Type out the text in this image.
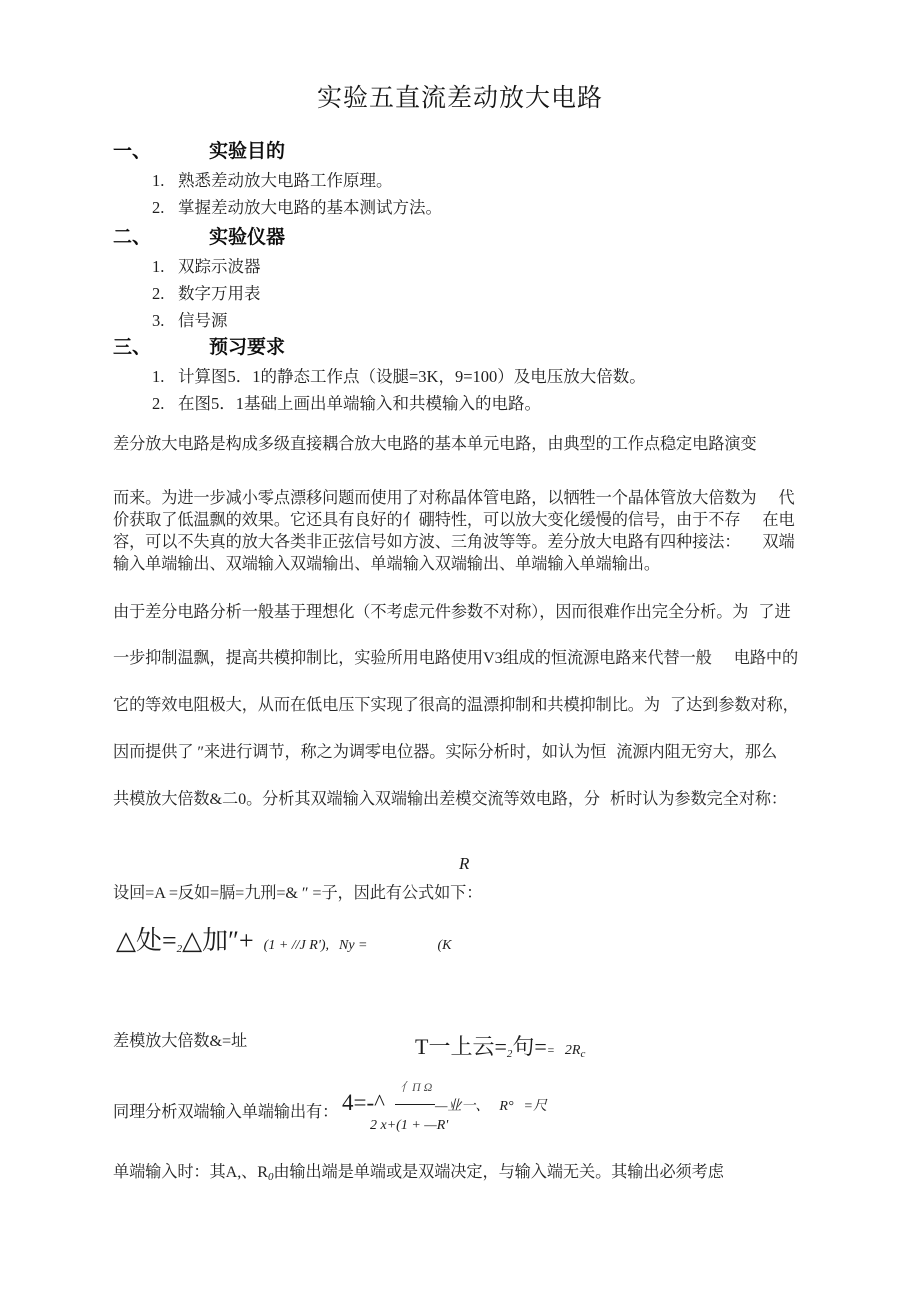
实验五直流差动放大电路
一、	实验目的
1. 熟悉差动放大电路工作原理。
2. 掌握差动放大电路的基本测试方法。
二、	实验仪器
1. 双踪示波器
2. 数字万用表
3. 信号源
三、	预习要求
1. 计算图5．1的静态工作点（设腿=3K，9=100）及电压放大倍数。
2. 在图5．1基础上画出单端输入和共模输入的电路。
差分放大电路是构成多级直接耦合放大电路的基本单元电路，由典型的工作点稳定电路演变
而来。为进一步减小零点漂移问题而使用了对称晶体管电路，以牺牲一个晶体管放大倍数为 代
价获取了低温飘的效果。它还具有良好的亻硼特性，可以放大变化缓慢的信号，由于不存 在电
容，可以不失真的放大各类非正弦信号如方波、三角波等等。差分放大电路有四种接法： 双端
输入单端输出、双端输入双端输出、单端输入双端输出、单端输入单端输出。
由于差分电路分析一般基于理想化（不考虑元件参数不对称），因而很难作出完全分析。为 了进
一步抑制温飘，提高共模抑制比，实验所用电路使用V3组成的恒流源电路来代替一般 电路中的
它的等效电阻极大，从而在低电压下实现了很高的温漂抑制和共模抑制比。为 了达到参数对称，
因而提供了 ″来进行调节，称之为调零电位器。实际分析时，如认为恒 流源内阻无穷大，那么
共模放大倍数&二0。分析其双端输入双端输出差模交流等效电路，分 析时认为参数完全对称：
R
设回=A =反如=膈=九刑=& ″ =子，因此有公式如下：
△处$=_2\triangle$加″+ (1 + //J R'), Ny =	(K
差模放大倍数&=址	T一上云$=_2$句== $2R_c$
亻Π Ω
同理分析双端输入单端输出有： 4=-^	—业一、 R° =尺
2 x+(1 + —R'
单端输入时：其A,、$R_0$由输出端是单端或是双端决定，与输入端无关。其输出必须考虑
